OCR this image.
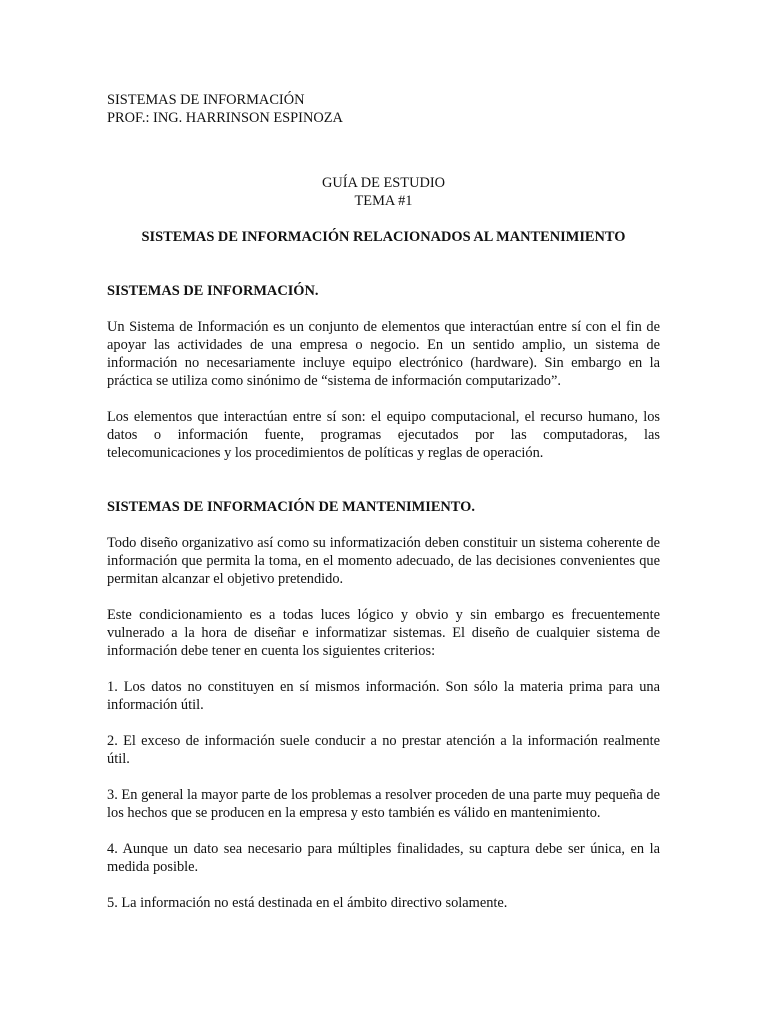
SISTEMAS DE INFORMACIÓN

PROF.: ING. HARRINSON ESPINOZA

GUÍA DE ESTUDIO

TEMA #1

SISTEMAS DE INFORMACIÓN RELACIONADOS AL MANTENIMIENTO

SISTEMAS DE INFORMACIÓN.

Un Sistema de Información es un conjunto de elementos que interactúan entre sí con el fin de apoyar las actividades de una empresa o negocio. En un sentido amplio, un sistema de información no necesariamente incluye equipo electrónico (hardware). Sin embargo en la práctica se utiliza como sinónimo de “sistema de información computarizado”.

Los elementos que interactúan entre sí son: el equipo computacional, el recurso humano, los datos o información fuente, programas ejecutados por las computadoras, las telecomunicaciones y los procedimientos de políticas y reglas de operación.

SISTEMAS DE INFORMACIÓN DE MANTENIMIENTO.

Todo diseño organizativo así como su informatización deben constituir un sistema coherente de información que permita la toma, en el momento adecuado, de las decisiones convenientes que permitan alcanzar el objetivo pretendido.

Este condicionamiento es a todas luces lógico y obvio y sin embargo es frecuentemente vulnerado a la hora de diseñar e informatizar sistemas. El diseño de cualquier sistema de información debe tener en cuenta los siguientes criterios:

1. Los datos no constituyen en sí mismos información. Son sólo la materia prima para una información útil.

2. El exceso de información suele conducir a no prestar atención a la información realmente útil.

3. En general la mayor parte de los problemas a resolver proceden de una parte muy pequeña de los hechos que se producen en la empresa y esto también es válido en mantenimiento.

4. Aunque un dato sea necesario para múltiples finalidades, su captura debe ser única, en la medida posible.

5. La información no está destinada en el ámbito directivo solamente.
